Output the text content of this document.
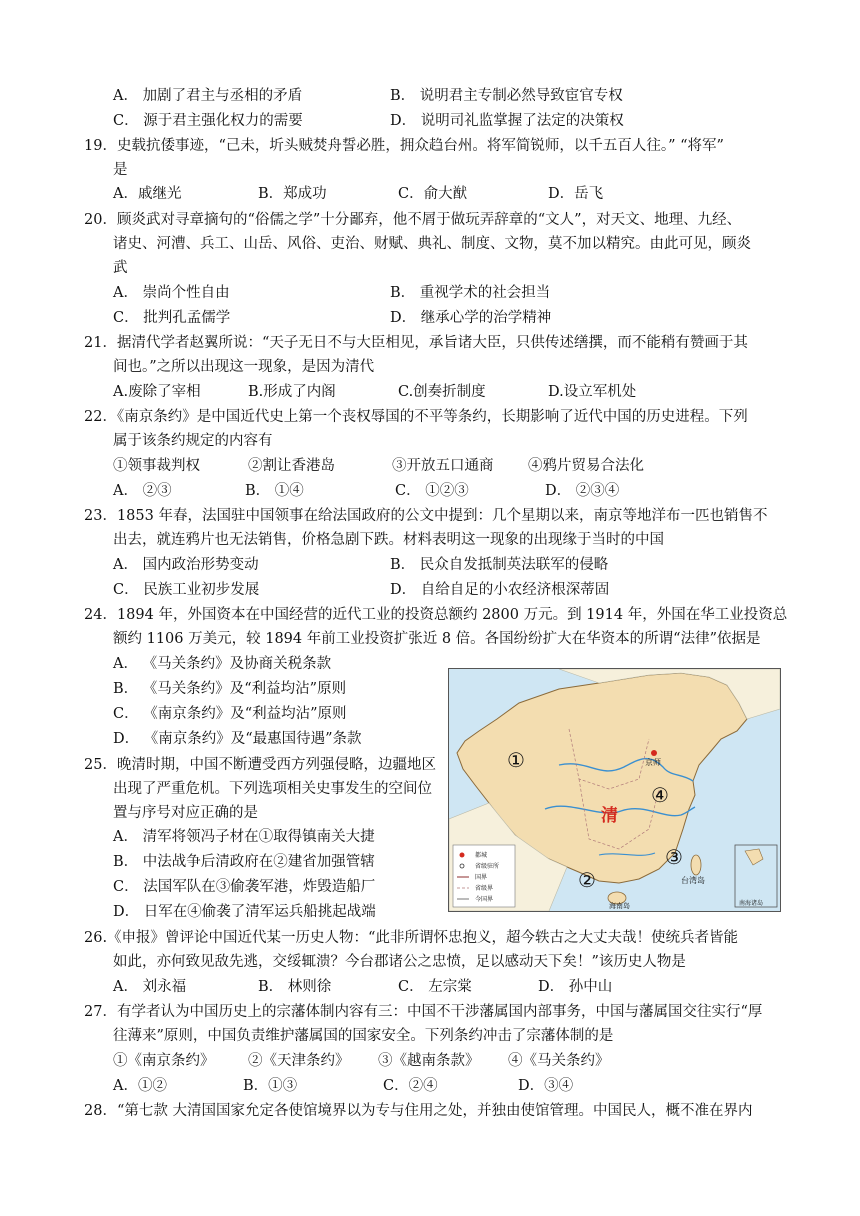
A． 加剧了君主与丞相的矛盾	B． 说明君主专制必然导致宦官专权
C． 源于君主强化权力的需要	D． 说明司礼监掌握了法定的决策权
19．史载抗倭事迹，“己未，圻头贼焚舟誓必胜，拥众趋台州。将军简锐师，以千五百人往。” “将军”
是
A．戚继光	B．郑成功	C．俞大猷	D．岳飞
20．顾炎武对寻章摘句的“俗儒之学”十分鄙弃，他不屑于做玩弄辞章的“文人”，对天文、地理、九经、
诸史、河漕、兵工、山岳、风俗、吏治、财赋、典礼、制度、文物，莫不加以精究。由此可见，顾炎
武
A． 崇尚个性自由	B． 重视学术的社会担当
C． 批判孔孟儒学	D． 继承心学的治学精神
21．据清代学者赵翼所说：“天子无日不与大臣相见，承旨诸大臣，只供传述缮撰，而不能稍有赞画于其
间也。”之所以出现这一现象，是因为清代
A.废除了宰相	B.形成了内阁	C.创奏折制度	D.设立军机处
22．《南京条约》是中国近代史上第一个丧权辱国的不平等条约，长期影响了近代中国的历史进程。下列
属于该条约规定的内容有
①领事裁判权	②割让香港岛	③开放五口通商 ④鸦片贸易合法化
A． ②③	B． ①④	C． ①②③	D． ②③④
23．1853 年春，法国驻中国领事在给法国政府的公文中提到：几个星期以来，南京等地洋布一匹也销售不
出去，就连鸦片也无法销售，价格急剧下跌。材料表明这一现象的出现缘于当时的中国
A． 国内政治形势变动	B． 民众自发抵制英法联军的侵略
C． 民族工业初步发展	D． 自给自足的小农经济根深蒂固
24．1894 年，外国资本在中国经营的近代工业的投资总额约 2800 万元。到 1914 年，外国在华工业投资总
额约 1106 万美元，较 1894 年前工业投资扩张近 8 倍。各国纷纷扩大在华资本的所谓“法律”依据是
A． 《马关条约》及协商关税条款
B． 《马关条约》及“利益均沾”原则
C． 《南京条约》及“利益均沾”原则
D． 《南京条约》及“最惠国待遇”条款
25．晚清时期，中国不断遭受西方列强侵略，边疆地区
出现了严重危机。下列选项相关史事发生的空间位
置与序号对应正确的是
A． 清军将领冯子材在①取得镇南关大捷
B． 中法战争后清政府在②建省加强管辖
C． 法国军队在③偷袭军港，炸毁造船厂
D． 日军在④偷袭了清军运兵船挑起战端
①
②
③
④
清
京师
台湾岛
海南岛	南海诸岛
都城
省级驻所
国界
省级界
今国界
26.《申报》曾评论中国近代某一历史人物：“此非所谓怀忠抱义，超今轶古之大丈夫哉！使统兵者皆能
如此，亦何致见敌先逃，交绥辄溃？今台郡诸公之忠愤，足以感动天下矣！”该历史人物是
A． 刘永福	B． 林则徐	C． 左宗棠	D． 孙中山
27．有学者认为中国历史上的宗藩体制内容有三：中国不干涉藩属国内部事务，中国与藩属国交往实行“厚
往薄来”原则，中国负责维护藩属国的国家安全。下列条约冲击了宗藩体制的是
①《南京条约》 ②《天津条约》 ③《越南条款》 ④《马关条约》
A．①②	B．①③	C．②④	D．③④
28．“第七款 大清国国家允定各使馆境界以为专与住用之处，并独由使馆管理。中国民人，概不准在界内
